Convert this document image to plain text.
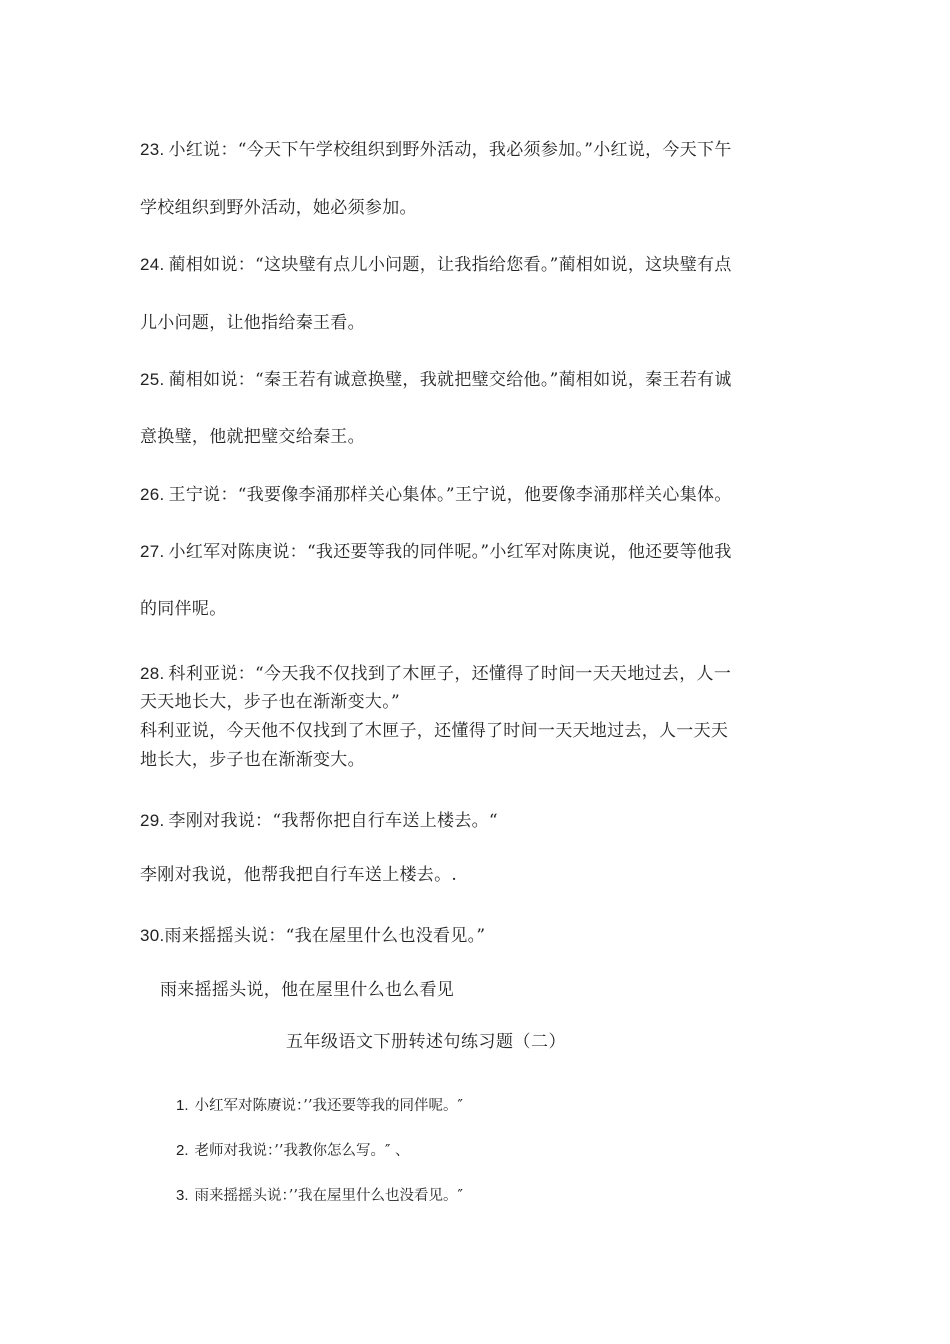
23. 小红说：“今天下午学校组织到野外活动，我必须参加。”小红说，今天下午
学校组织到野外活动，她必须参加。
24. 蔺相如说：“这块璧有点儿小问题，让我指给您看。”蔺相如说，这块璧有点
儿小问题，让他指给秦王看。
25. 蔺相如说：“秦王若有诚意换璧，我就把璧交给他。”蔺相如说，秦王若有诚
意换璧，他就把璧交给秦王。
26. 王宁说：“我要像李涌那样关心集体。”王宁说，他要像李涌那样关心集体。
27. 小红军对陈庚说：“我还要等我的同伴呢。”小红军对陈庚说，他还要等他我
的同伴呢。
28. 科利亚说：“今天我不仅找到了木匣子，还懂得了时间一天天地过去，人一
天天地长大，步子也在渐渐变大。”
科利亚说，今天他不仅找到了木匣子，还懂得了时间一天天地过去，人一天天
地长大，步子也在渐渐变大。
29. 李刚对我说：“我帮你把自行车送上楼去。“
李刚对我说，他帮我把自行车送上楼去。.
30.雨来摇摇头说：“我在屋里什么也没看见。”
雨来摇摇头说，他在屋里什么也么看见
五年级语文下册转述句练习题（二）
1. 小红军对陈赓说：’’我还要等我的同伴呢。″
2. 老师对我说：’’我教你怎么写。″ 、
3. 雨来摇摇头说：’’我在屋里什么也没看见。″
